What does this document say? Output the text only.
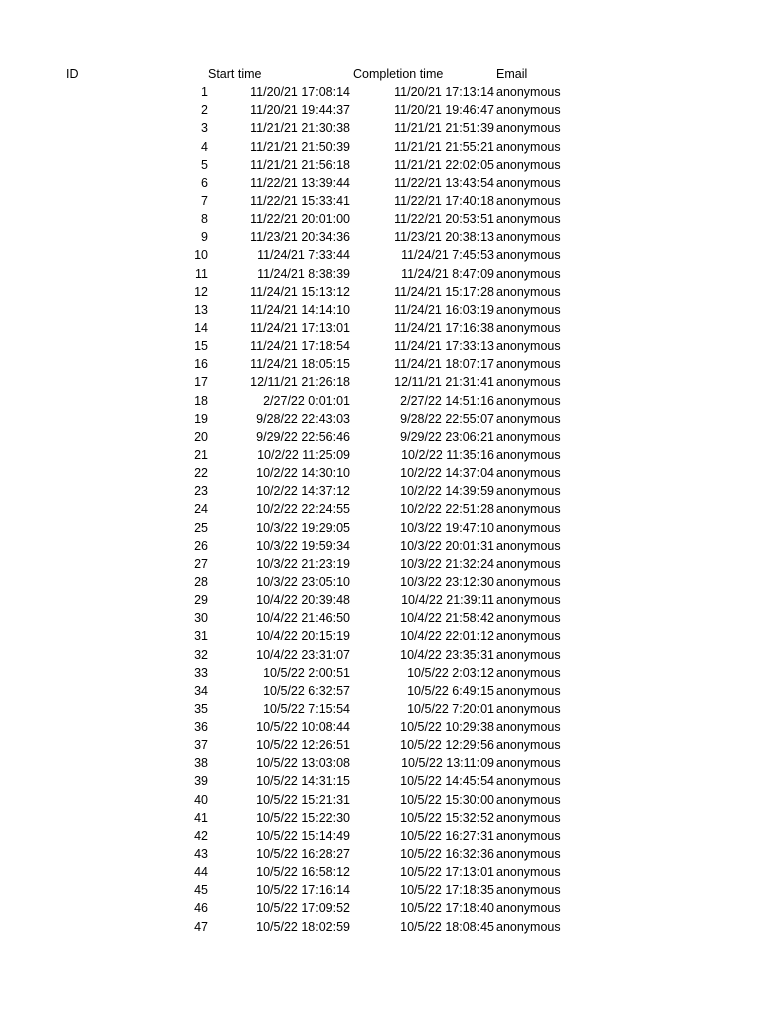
ID	Start time	Completion time	Email
1	11/20/21 17:08:14	11/20/21 17:13:14 anonymous
2	11/20/21 19:44:37	11/20/21 19:46:47 anonymous
3	11/21/21 21:30:38	11/21/21 21:51:39 anonymous
4	11/21/21 21:50:39	11/21/21 21:55:21 anonymous
5	11/21/21 21:56:18	11/21/21 22:02:05 anonymous
6	11/22/21 13:39:44	11/22/21 13:43:54 anonymous
7	11/22/21 15:33:41	11/22/21 17:40:18 anonymous
8	11/22/21 20:01:00	11/22/21 20:53:51 anonymous
9	11/23/21 20:34:36	11/23/21 20:38:13 anonymous
10	11/24/21 7:33:44	11/24/21 7:45:53 anonymous
11	11/24/21 8:38:39	11/24/21 8:47:09 anonymous
12	11/24/21 15:13:12	11/24/21 15:17:28 anonymous
13	11/24/21 14:14:10	11/24/21 16:03:19 anonymous
14	11/24/21 17:13:01	11/24/21 17:16:38 anonymous
15	11/24/21 17:18:54	11/24/21 17:33:13 anonymous
16	11/24/21 18:05:15	11/24/21 18:07:17 anonymous
17	12/11/21 21:26:18	12/11/21 21:31:41 anonymous
18	2/27/22 0:01:01	2/27/22 14:51:16 anonymous
19	9/28/22 22:43:03	9/28/22 22:55:07 anonymous
20	9/29/22 22:56:46	9/29/22 23:06:21 anonymous
21	10/2/22 11:25:09	10/2/22 11:35:16 anonymous
22	10/2/22 14:30:10	10/2/22 14:37:04 anonymous
23	10/2/22 14:37:12	10/2/22 14:39:59 anonymous
24	10/2/22 22:24:55	10/2/22 22:51:28 anonymous
25	10/3/22 19:29:05	10/3/22 19:47:10 anonymous
26	10/3/22 19:59:34	10/3/22 20:01:31 anonymous
27	10/3/22 21:23:19	10/3/22 21:32:24 anonymous
28	10/3/22 23:05:10	10/3/22 23:12:30 anonymous
29	10/4/22 20:39:48	10/4/22 21:39:11 anonymous
30	10/4/22 21:46:50	10/4/22 21:58:42 anonymous
31	10/4/22 20:15:19	10/4/22 22:01:12 anonymous
32	10/4/22 23:31:07	10/4/22 23:35:31 anonymous
33	10/5/22 2:00:51	10/5/22 2:03:12 anonymous
34	10/5/22 6:32:57	10/5/22 6:49:15 anonymous
35	10/5/22 7:15:54	10/5/22 7:20:01 anonymous
36	10/5/22 10:08:44	10/5/22 10:29:38 anonymous
37	10/5/22 12:26:51	10/5/22 12:29:56 anonymous
38	10/5/22 13:03:08	10/5/22 13:11:09 anonymous
39	10/5/22 14:31:15	10/5/22 14:45:54 anonymous
40	10/5/22 15:21:31	10/5/22 15:30:00 anonymous
41	10/5/22 15:22:30	10/5/22 15:32:52 anonymous
42	10/5/22 15:14:49	10/5/22 16:27:31 anonymous
43	10/5/22 16:28:27	10/5/22 16:32:36 anonymous
44	10/5/22 16:58:12	10/5/22 17:13:01 anonymous
45	10/5/22 17:16:14	10/5/22 17:18:35 anonymous
46	10/5/22 17:09:52	10/5/22 17:18:40 anonymous
47	10/5/22 18:02:59	10/5/22 18:08:45 anonymous
